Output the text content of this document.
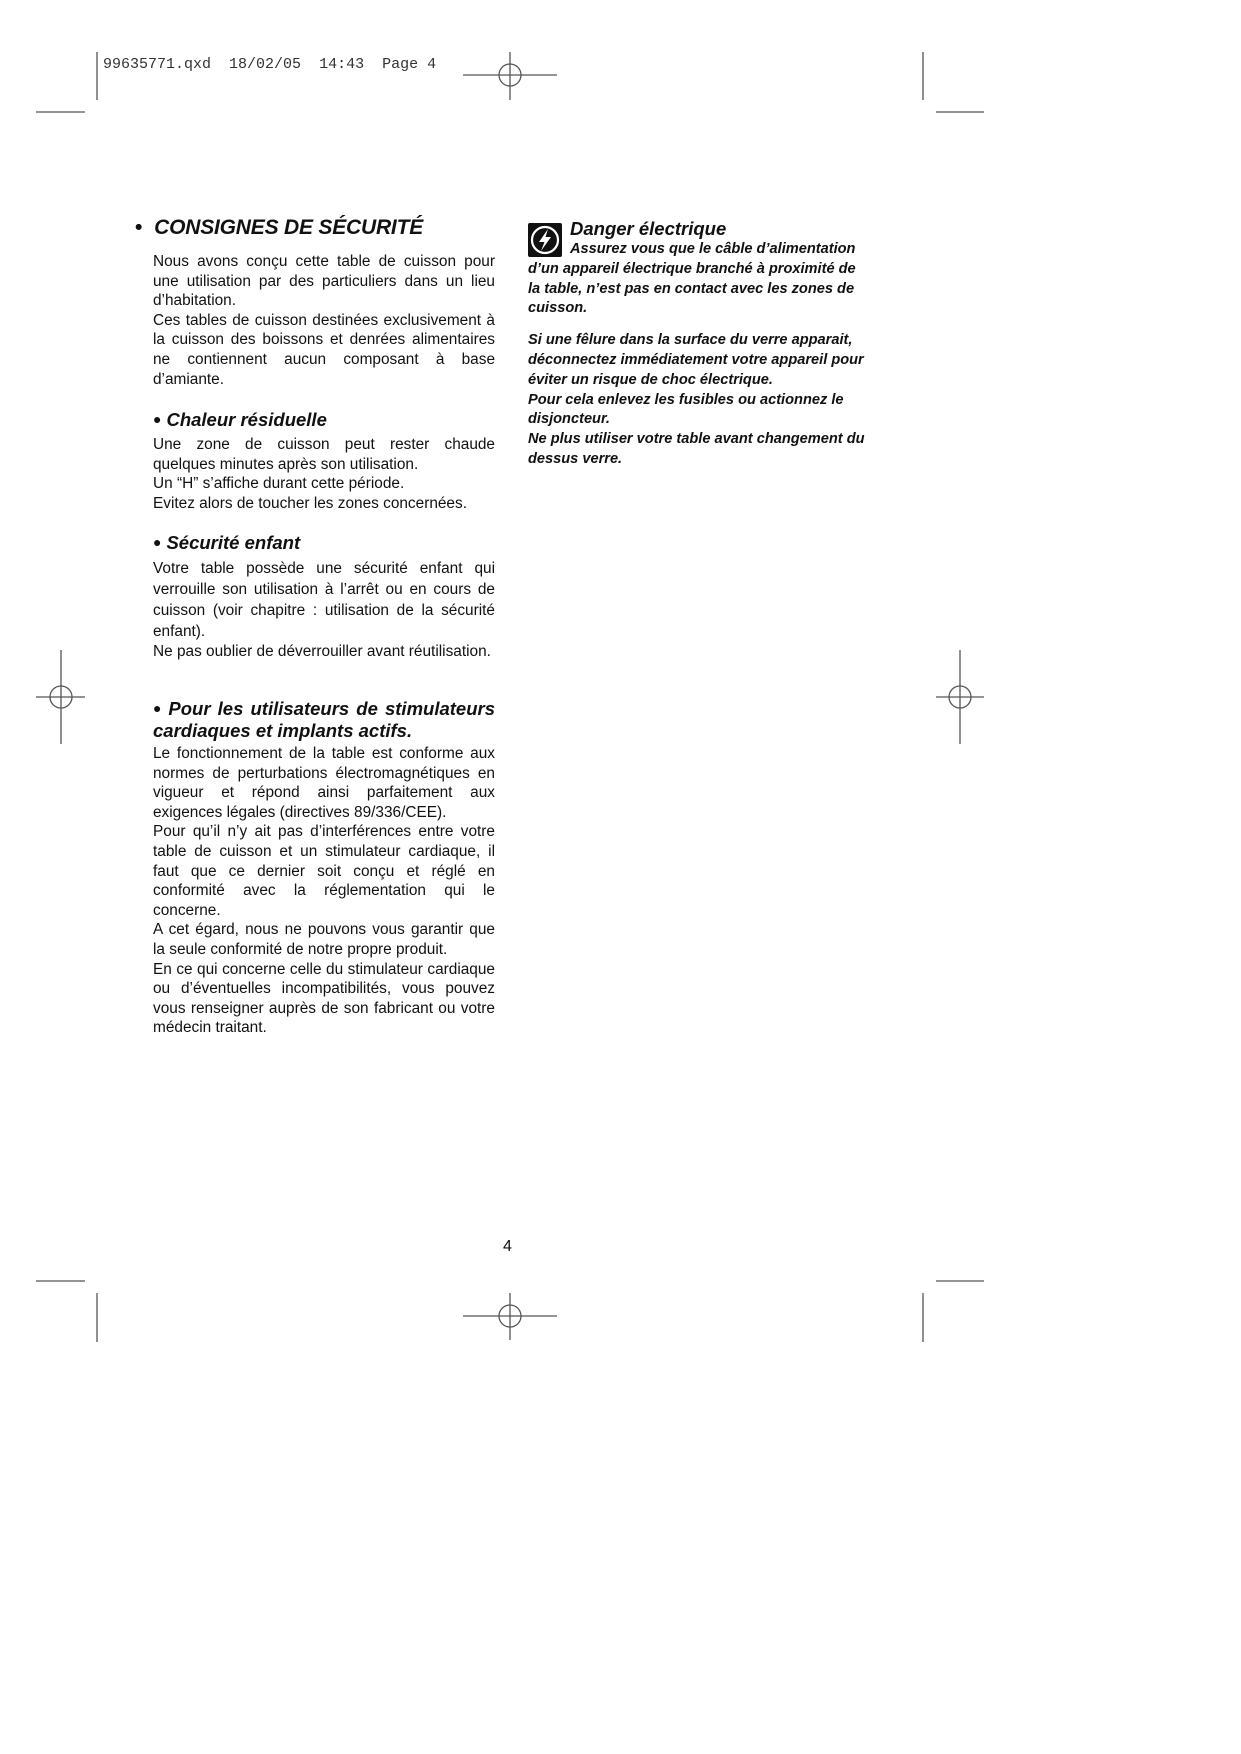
99635771.qxd 18/02/05 14:43 Page 4
• CONSIGNES DE SÉCURITÉ

Nous avons conçu cette table de cuisson pour une utilisation par des particuliers dans un lieu d’habitation.

Ces tables de cuisson destinées exclusivement à la cuisson des boissons et denrées alimentaires ne contiennent aucun composant à base d’amiante.

● Chaleur résiduelle

Une zone de cuisson peut rester chaude quelques minutes après son utilisation.

Un “H” s’affiche durant cette période.

Evitez alors de toucher les zones concernées.

● Sécurité enfant

Votre table possède une sécurité enfant qui verrouille son utilisation à l’arrêt ou en cours de cuisson (voir chapitre : utilisation de la sécurité enfant).

Ne pas oublier de déverrouiller avant réutilisation.

● Pour les utilisateurs de stimulateurs cardiaques et implants actifs.

Le fonctionnement de la table est conforme aux normes de perturbations électromagnétiques en vigueur et répond ainsi parfaitement aux exigences légales (directives 89/336/CEE).

Pour qu’il n’y ait pas d’interférences entre votre table de cuisson et un stimulateur cardiaque, il faut que ce dernier soit conçu et réglé en conformité avec la réglementation qui le concerne.

A cet égard, nous ne pouvons vous garantir que la seule conformité de notre propre produit.

En ce qui concerne celle du stimulateur cardiaque ou d’éventuelles incompatibilités, vous pouvez vous renseigner auprès de son fabricant ou votre médecin traitant.

Danger électrique

Assurez vous que le câble d’alimentation d’un appareil électrique branché à proximité de la table, n’est pas en contact avec les zones de cuisson.

Si une fêlure dans la surface du verre apparait, déconnectez immédiatement votre appareil pour éviter un risque de choc électrique.

Pour cela enlevez les fusibles ou actionnez le disjoncteur.

Ne plus utiliser votre table avant changement du dessus verre.

4
